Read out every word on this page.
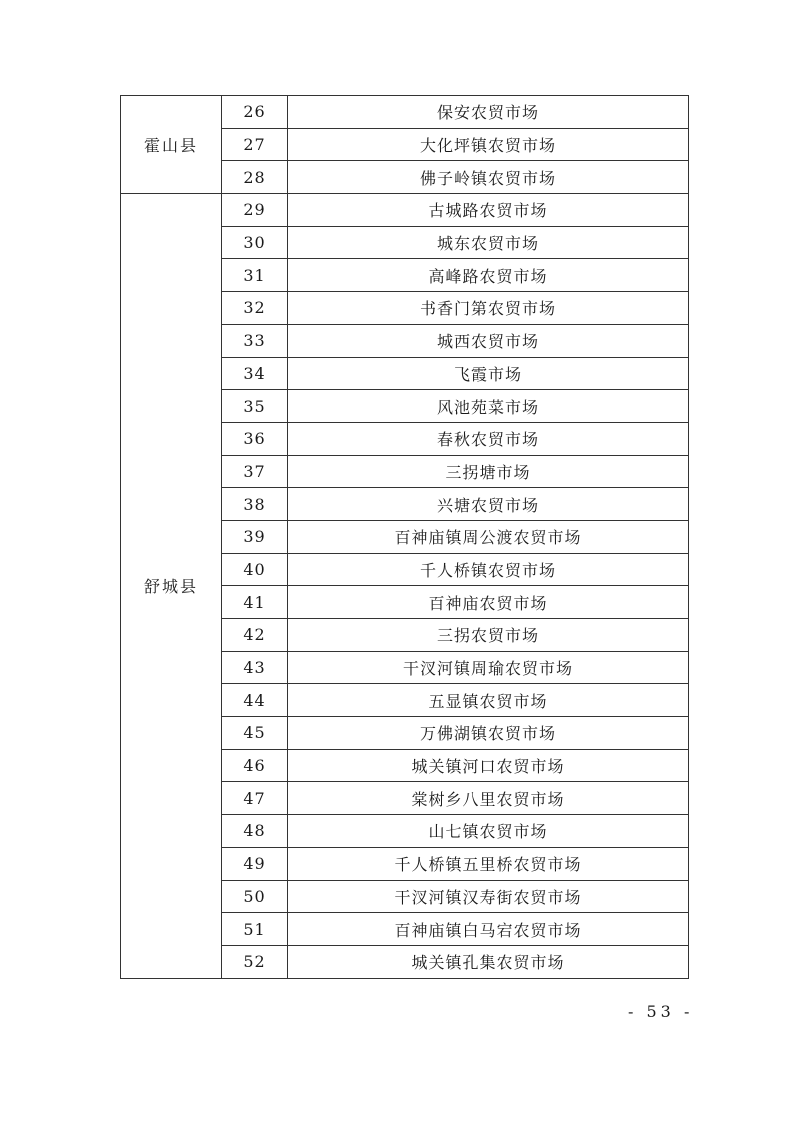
霍山县	26	保安农贸市场
	27	大化坪镇农贸市场
	28	佛子岭镇农贸市场
舒城县	29	古城路农贸市场
	30	城东农贸市场
	31	高峰路农贸市场
	32	书香门第农贸市场
	33	城西农贸市场
	34	飞霞市场
	35	风池苑菜市场
	36	春秋农贸市场
	37	三拐塘市场
	38	兴塘农贸市场
	39	百神庙镇周公渡农贸市场
	40	千人桥镇农贸市场
	41	百神庙农贸市场
	42	三拐农贸市场
	43	干汊河镇周瑜农贸市场
	44	五显镇农贸市场
	45	万佛湖镇农贸市场
	46	城关镇河口农贸市场
	47	棠树乡八里农贸市场
	48	山七镇农贸市场
	49	千人桥镇五里桥农贸市场
	50	干汊河镇汉寿街农贸市场
	51	百神庙镇白马宕农贸市场
	52	城关镇孔集农贸市场
- 53 -
